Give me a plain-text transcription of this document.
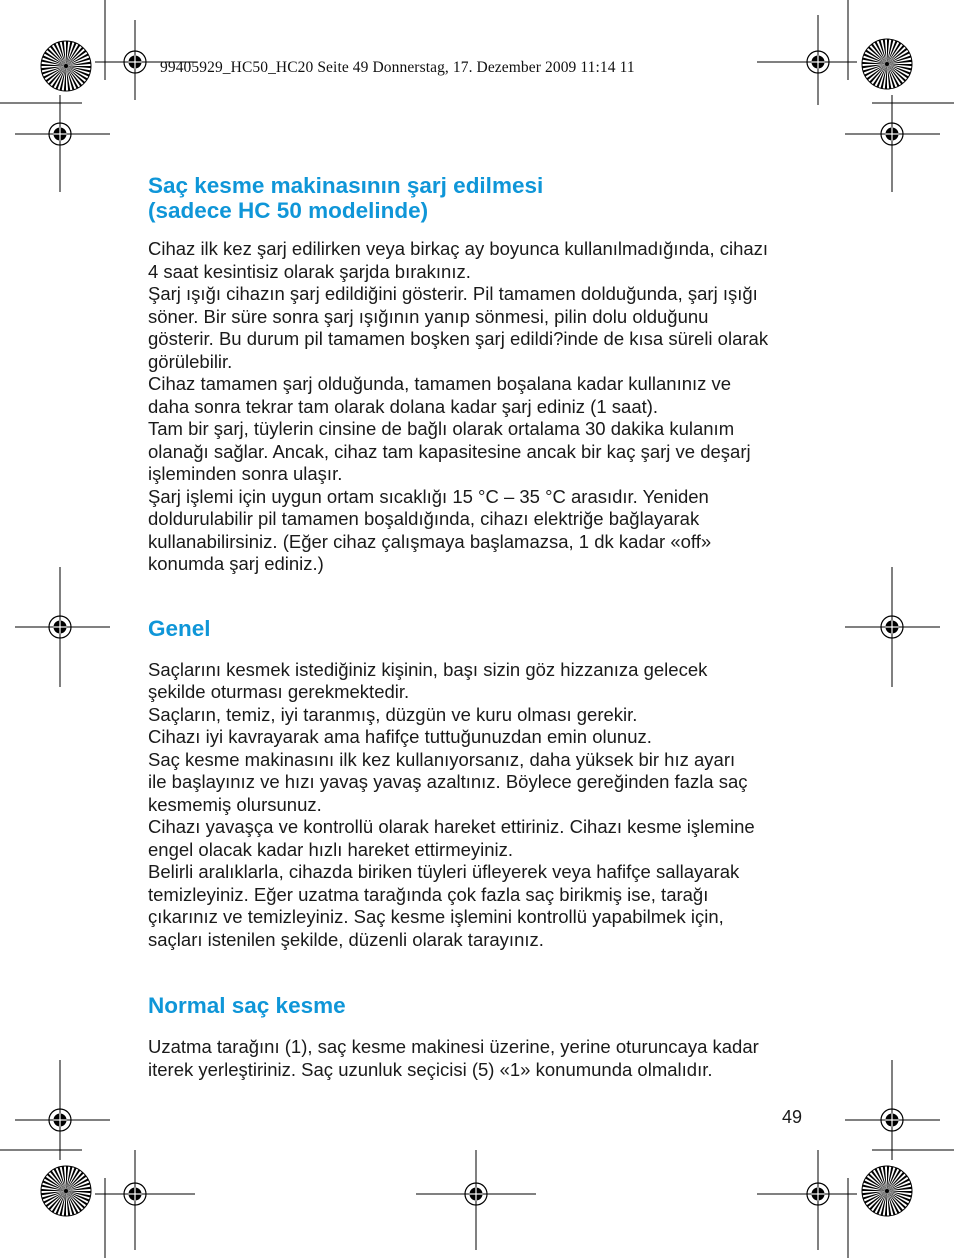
99405929_HC50_HC20 Seite 49 Donnerstag, 17. Dezember 2009 11:14 11
Saç kesme makinasının şarj edilmesi
(sadece HC 50 modelinde)
Cihaz ilk kez şarj edilirken veya birkaç ay boyunca kullanılmadığında, cihazı
4 saat kesintisiz olarak şarjda bırakınız.
Şarj ışığı cihazın şarj edildiğini gösterir. Pil tamamen dolduğunda, şarj ışığı
söner. Bir süre sonra şarj ışığının yanıp sönmesi, pilin dolu olduğunu
gösterir. Bu durum pil tamamen boşken şarj edildi?inde de kısa süreli olarak
görülebilir.
Cihaz tamamen şarj olduğunda, tamamen boşalana kadar kullanınız ve
daha sonra tekrar tam olarak dolana kadar şarj ediniz (1 saat).
Tam bir şarj, tüylerin cinsine de bağlı olarak ortalama 30 dakika kulanım
olanağı sağlar. Ancak, cihaz tam kapasitesine ancak bir kaç şarj ve deşarj
işleminden sonra ulaşır.
Şarj işlemi için uygun ortam sıcaklığı 15 °C – 35 °C arasıdır. Yeniden
doldurulabilir pil tamamen boşaldığında, cihazı elektriğe bağlayarak
kullanabilirsiniz. (Eğer cihaz çalışmaya başlamazsa, 1 dk kadar «off»
konumda şarj ediniz.)
Genel
Saçlarını kesmek istediğiniz kişinin, başı sizin göz hizzanıza gelecek
şekilde oturması gerekmektedir.
Saçların, temiz, iyi taranmış, düzgün ve kuru olması gerekir.
Cihazı iyi kavrayarak ama hafifçe tuttuğunuzdan emin olunuz.
Saç kesme makinasını ilk kez kullanıyorsanız, daha yüksek bir hız ayarı
ile başlayınız ve hızı yavaş yavaş azaltınız. Böylece gereğinden fazla saç
kesmemiş olursunuz.
Cihazı yavaşça ve kontrollü olarak hareket ettiriniz. Cihazı kesme işlemine
engel olacak kadar hızlı hareket ettirmeyiniz.
Belirli aralıklarla, cihazda biriken tüyleri üfleyerek veya hafifçe sallayarak
temizleyiniz. Eğer uzatma tarağında çok fazla saç birikmiş ise, tarağı
çıkarınız ve temizleyiniz. Saç kesme işlemini kontrollü yapabilmek için,
saçları istenilen şekilde, düzenli olarak tarayınız.
Normal saç kesme
Uzatma tarağını (1), saç kesme makinesi üzerine, yerine oturuncaya kadar
iterek yerleştiriniz. Saç uzunluk seçicisi (5) «1» konumunda olmalıdır.
49
